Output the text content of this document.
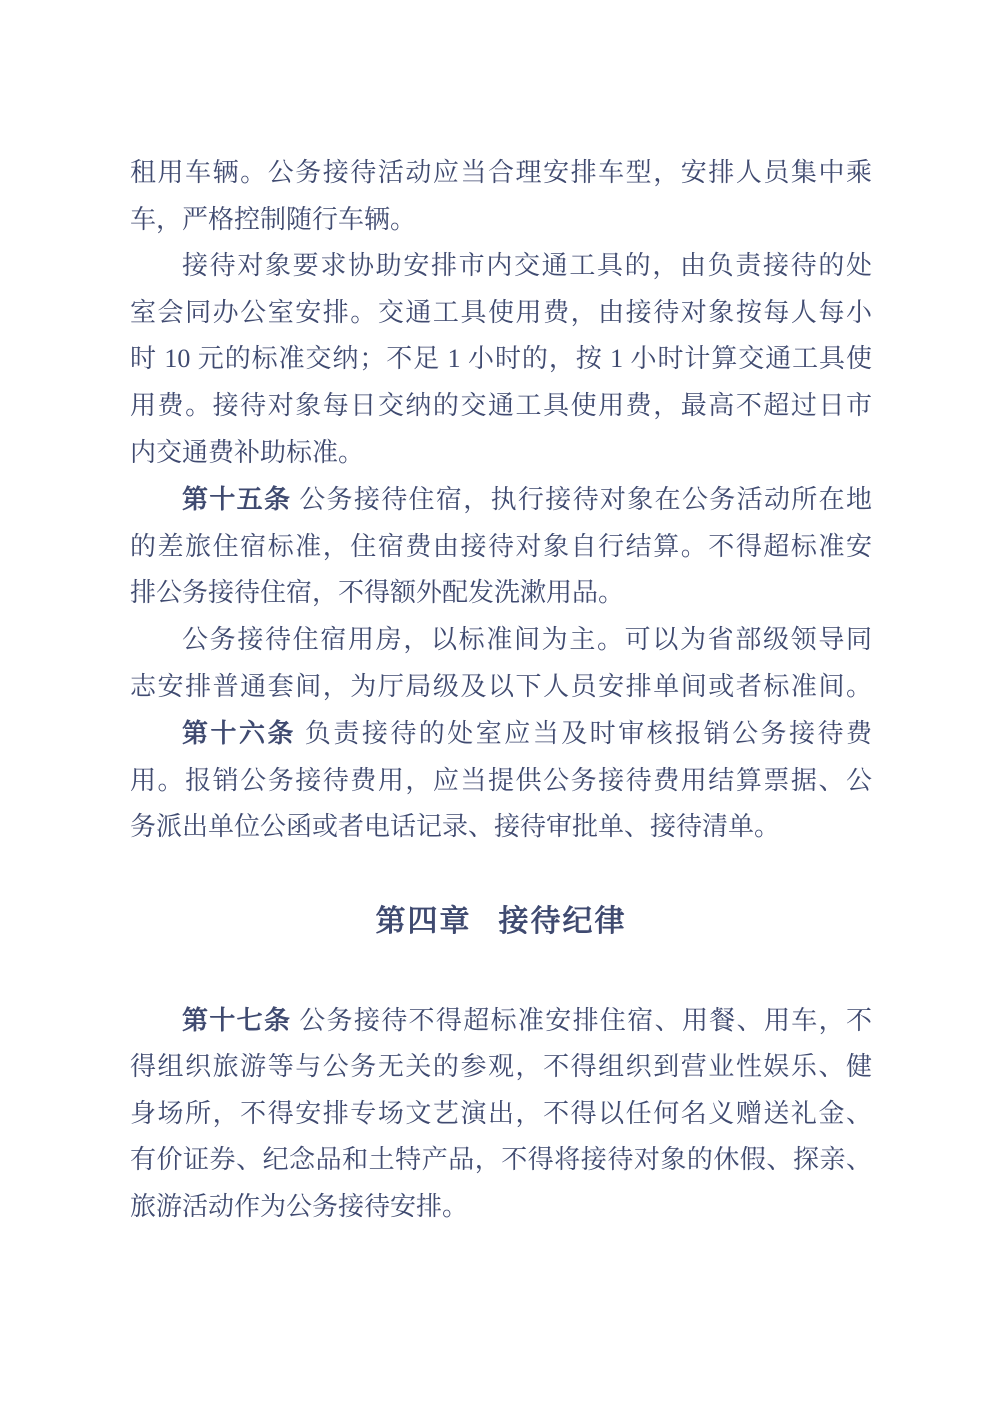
租用车辆。公务接待活动应当合理安排车型，安排人员集中乘
车，严格控制随行车辆。
接待对象要求协助安排市内交通工具的，由负责接待的处
室会同办公室安排。交通工具使用费，由接待对象按每人每小
时 10 元的标准交纳；不足 1 小时的，按 1 小时计算交通工具使
用费。接待对象每日交纳的交通工具使用费，最高不超过日市
内交通费补助标准。
第十五条 公务接待住宿，执行接待对象在公务活动所在地
的差旅住宿标准，住宿费由接待对象自行结算。不得超标准安
排公务接待住宿，不得额外配发洗漱用品。
公务接待住宿用房，以标准间为主。可以为省部级领导同
志安排普通套间，为厅局级及以下人员安排单间或者标准间。
第十六条 负责接待的处室应当及时审核报销公务接待费
用。报销公务接待费用，应当提供公务接待费用结算票据、公
务派出单位公函或者电话记录、接待审批单、接待清单。
第四章 接待纪律
第十七条 公务接待不得超标准安排住宿、用餐、用车，不
得组织旅游等与公务无关的参观，不得组织到营业性娱乐、健
身场所，不得安排专场文艺演出，不得以任何名义赠送礼金、
有价证券、纪念品和土特产品，不得将接待对象的休假、探亲、
旅游活动作为公务接待安排。
